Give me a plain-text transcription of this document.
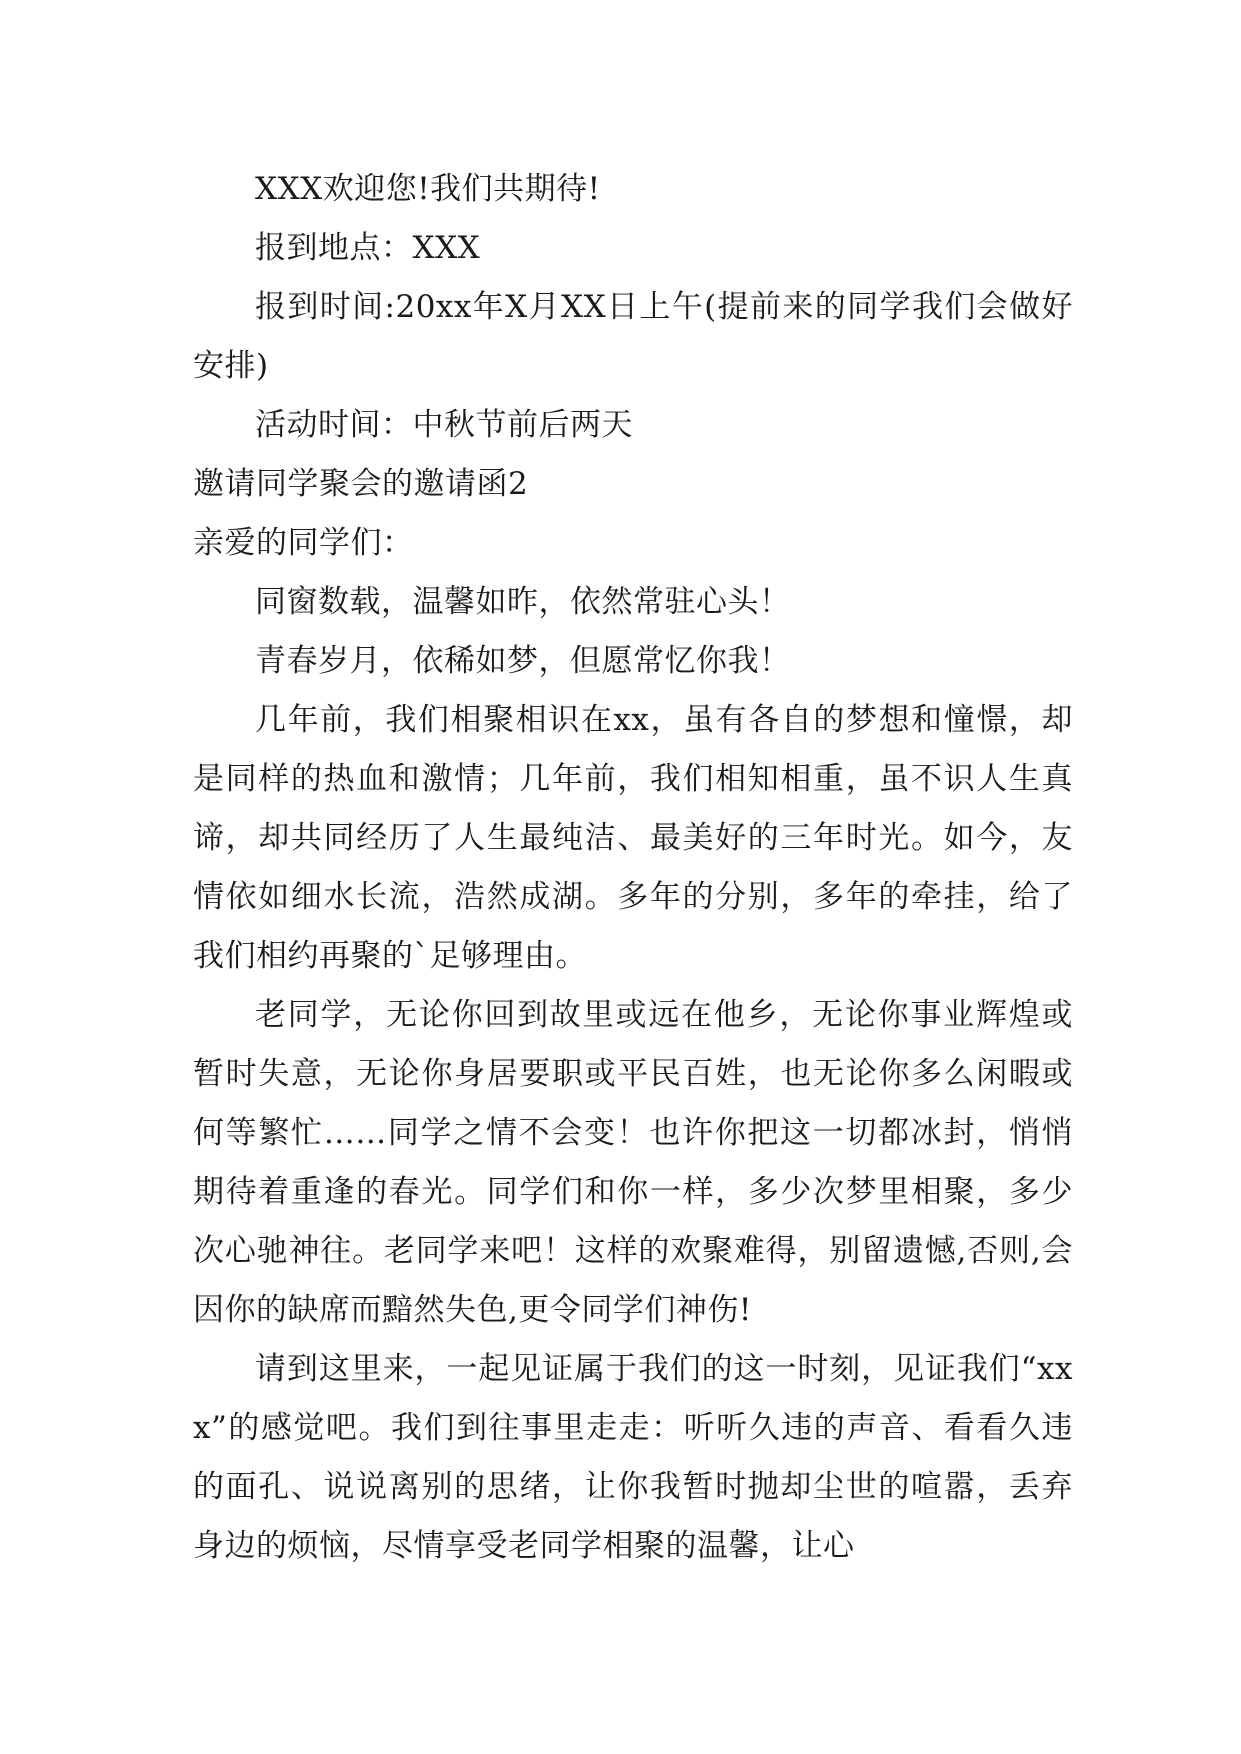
XXX欢迎您!我们共期待!

报到地点：XXX

报到时间:20xx年X月XX日上午(提前来的同学我们会做好安排)

活动时间：中秋节前后两天

邀请同学聚会的邀请函2

亲爱的同学们：

同窗数载，温馨如昨，依然常驻心头！

青春岁月，依稀如梦，但愿常忆你我！

几年前，我们相聚相识在xx，虽有各自的梦想和憧憬，却是同样的热血和激情；几年前，我们相知相重，虽不识人生真谛，却共同经历了人生最纯洁、最美好的三年时光。如今，友情依如细水长流，浩然成湖。多年的分别，多年的牵挂，给了我们相约再聚的`足够理由。

老同学，无论你回到故里或远在他乡，无论你事业辉煌或暂时失意，无论你身居要职或平民百姓，也无论你多么闲暇或何等繁忙……同学之情不会变！也许你把这一切都冰封，悄悄期待着重逢的春光。同学们和你一样，多少次梦里相聚，多少次心驰神往。老同学来吧！这样的欢聚难得，别留遗憾,否则,会因你的缺席而黯然失色,更令同学们神伤!

请到这里来，一起见证属于我们的这一时刻，见证我们“xxx”的感觉吧。我们到往事里走走：听听久违的声音、看看久违的面孔、说说离别的思绪，让你我暂时抛却尘世的喧嚣，丢弃身边的烦恼，尽情享受老同学相聚的温馨，让心
